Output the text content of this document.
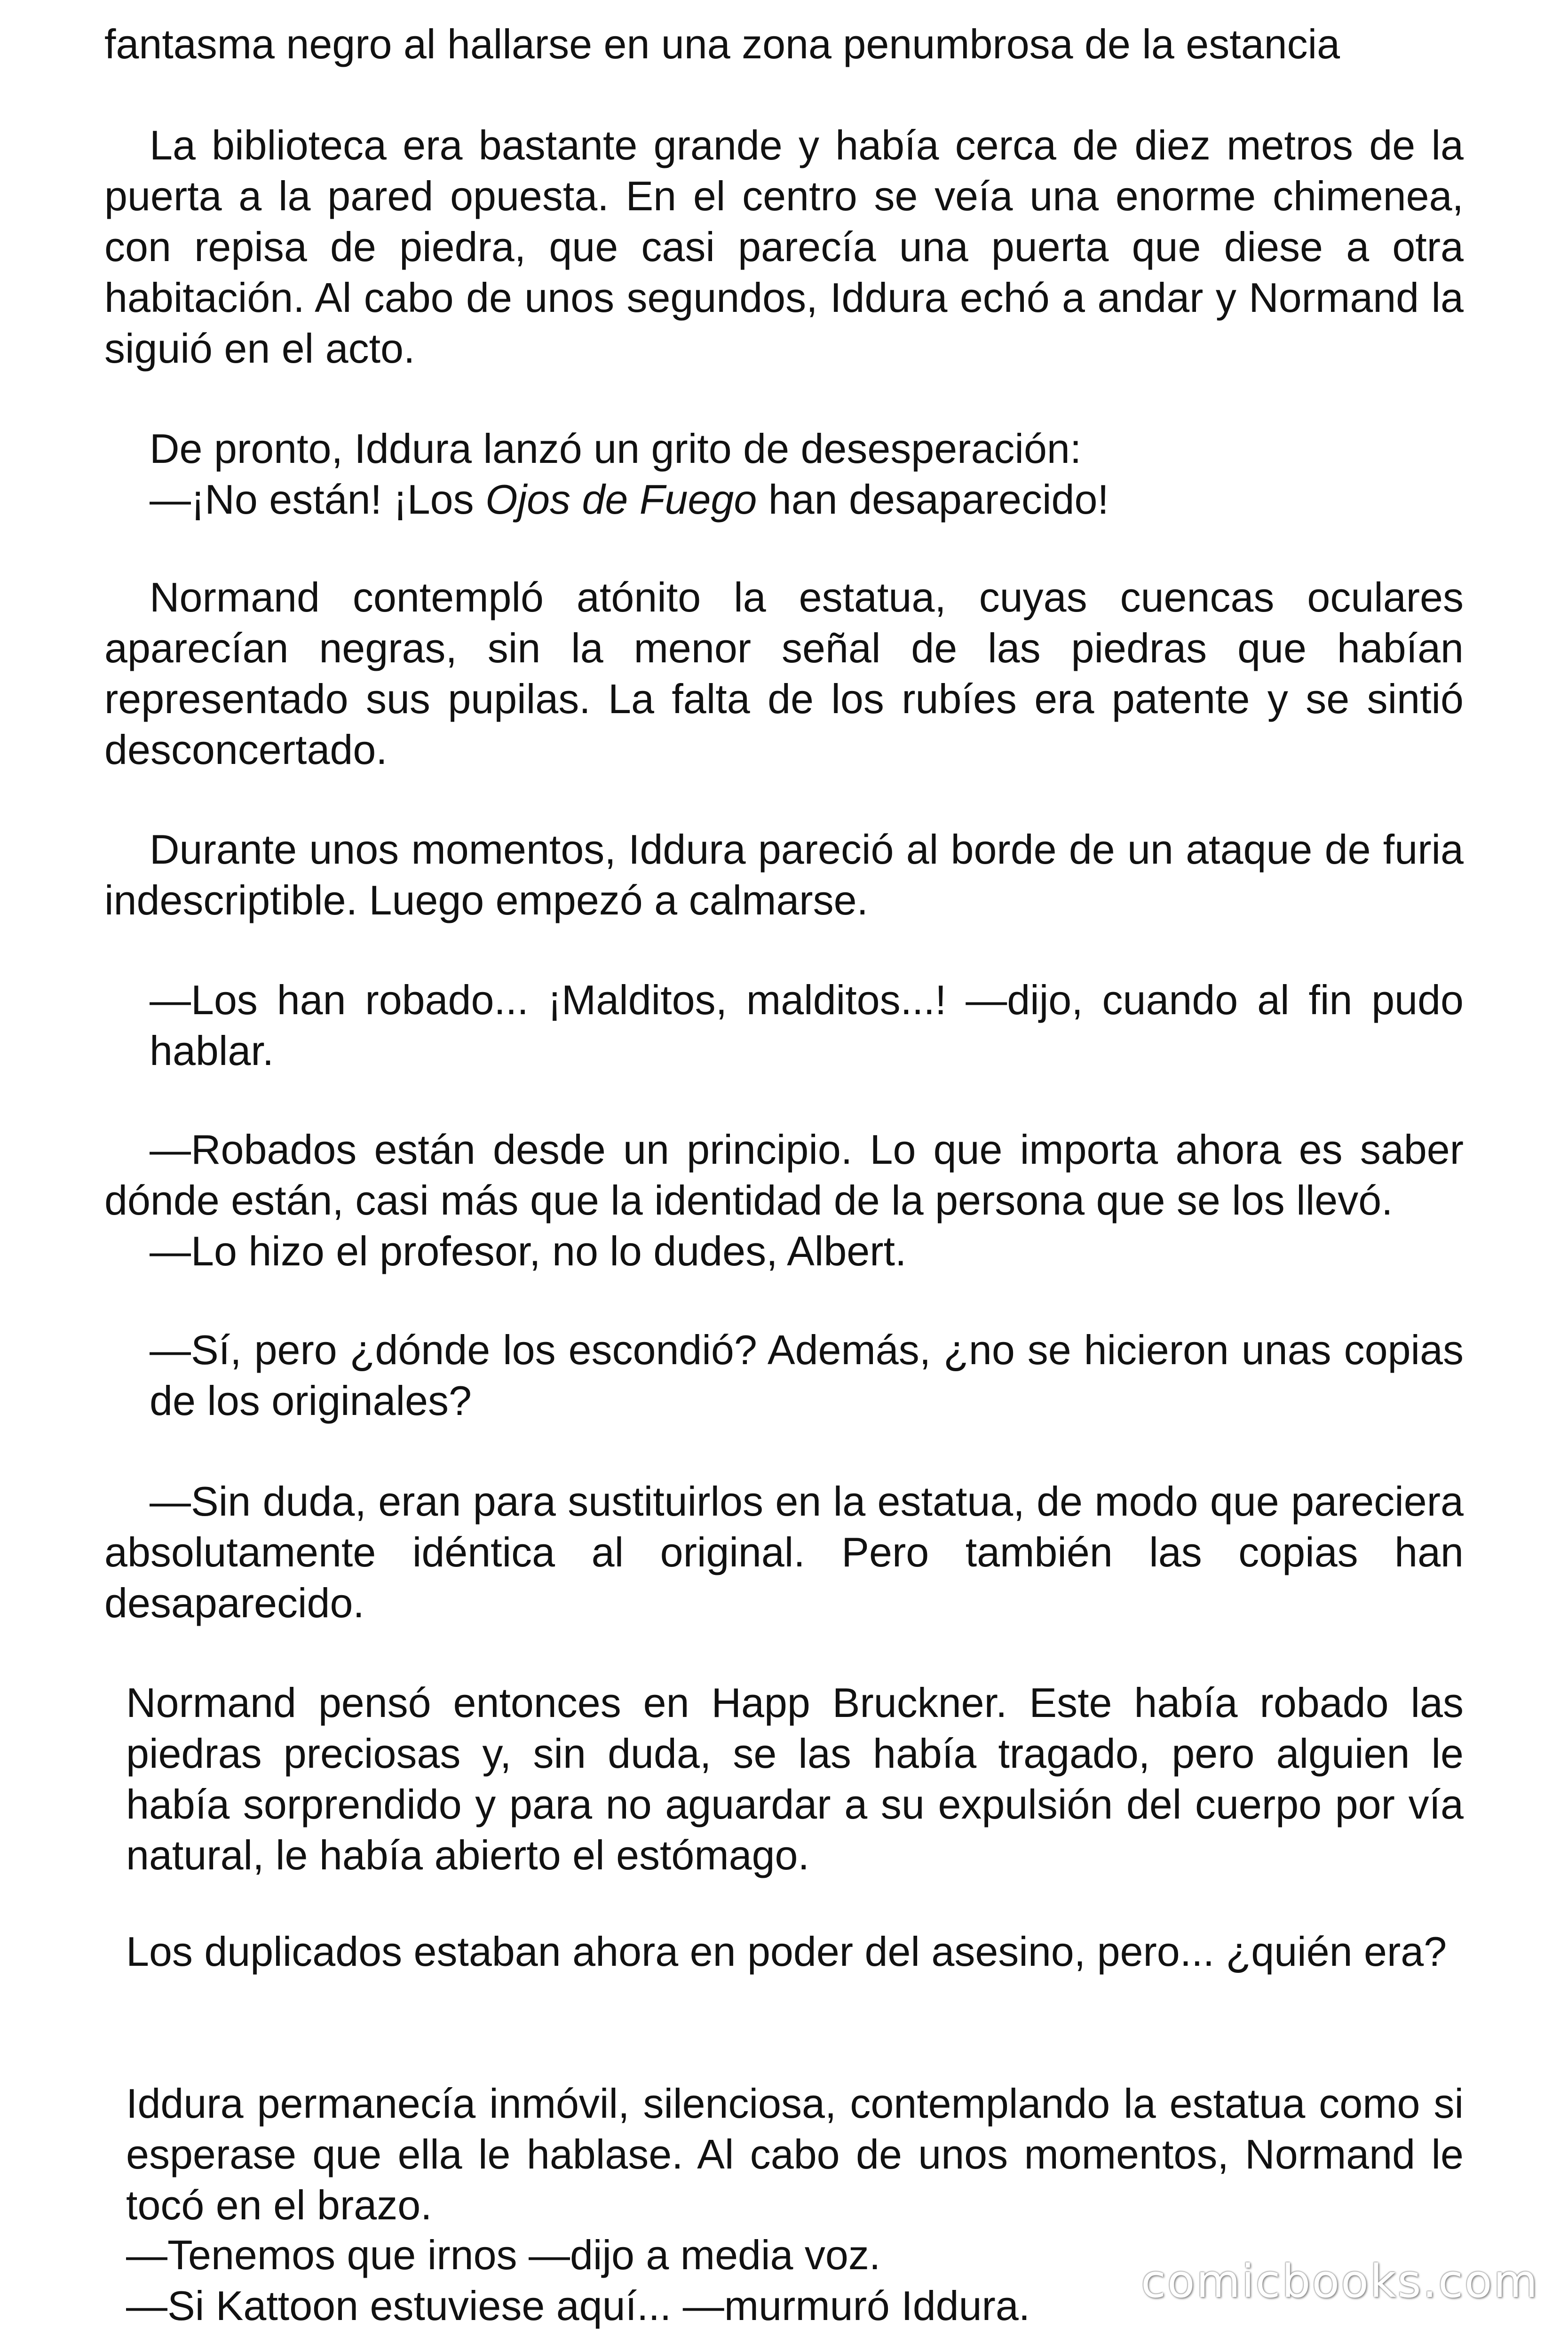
fantasma negro al hallarse en una zona penumbrosa de la estancia

La biblioteca era bastante grande y había cerca de diez metros de la puerta a la pared opuesta. En el centro se veía una enorme chimenea, con repisa de piedra, que casi parecía una puerta que diese a otra habitación. Al cabo de unos segundos, Iddura echó a andar y Normand la siguió en el acto.

De pronto, Iddura lanzó un grito de desesperación:

—¡No están! ¡Los Ojos de Fuego han desaparecido!

Normand contempló atónito la estatua, cuyas cuencas oculares aparecían negras, sin la menor señal de las piedras que habían representado sus pupilas. La falta de los rubíes era patente y se sintió desconcertado.

Durante unos momentos, Iddura pareció al borde de un ataque de furia indescriptible. Luego empezó a calmarse.

—Los han robado... ¡Malditos, malditos...! —dijo, cuando al fin pudo hablar.

—Robados están desde un principio. Lo que importa ahora es saber dónde están, casi más que la identidad de la persona que se los llevó.

—Lo hizo el profesor, no lo dudes, Albert.

—Sí, pero ¿dónde los escondió? Además, ¿no se hicieron unas copias de los originales?

—Sin duda, eran para sustituirlos en la estatua, de modo que pareciera absolutamente idéntica al original. Pero también las copias han desaparecido.

Normand pensó entonces en Happ Bruckner. Este había robado las piedras preciosas y, sin duda, se las había tragado, pero alguien le había sorprendido y para no aguardar a su expulsión del cuerpo por vía natural, le había abierto el estómago.

Los duplicados estaban ahora en poder del asesino, pero... ¿quién era?

Iddura permanecía inmóvil, silenciosa, contemplando la estatua como si esperase que ella le hablase. Al cabo de unos momentos, Normand le tocó en el brazo.

—Tenemos que irnos —dijo a media voz.

—Si Kattoon estuviese aquí... —murmuró Iddura. comicbooks.com
